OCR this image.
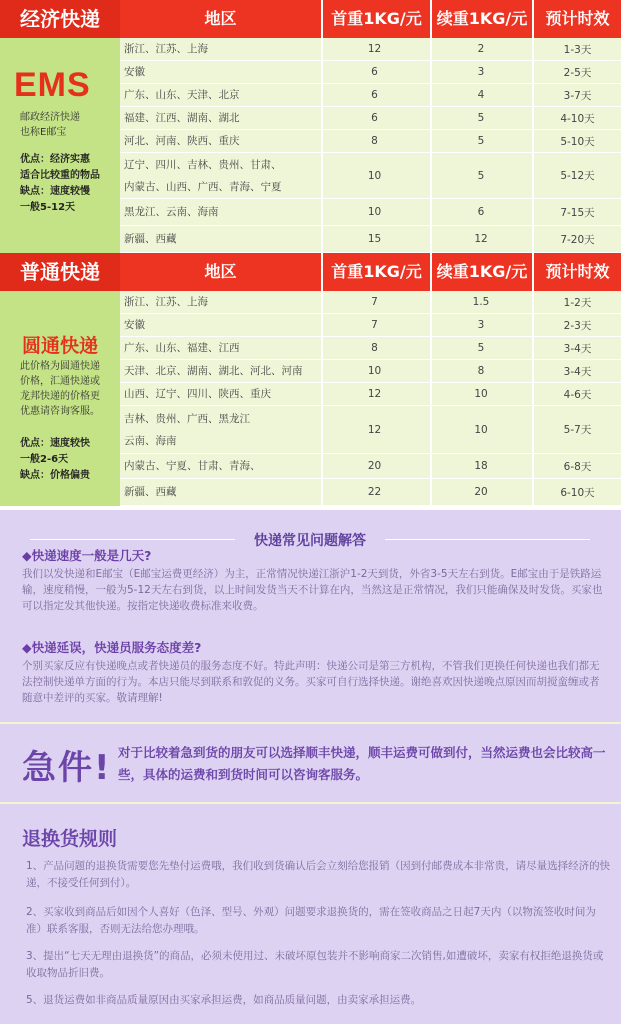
经济快递	地区	首重1KG/元 续重1KG/元	预计时效
EMS
邮政经济快递
也称E邮宝
优点：经济实惠
适合比较重的物品
缺点：速度较慢
一般5-12天
浙江、江苏、上海	12	2	1-3天
安徽	6	3	2-5天
广东、山东、天津、北京	6	4	3-7天
福建、江西、湖南、湖北	6	5	4-10天
河北、河南、陕西、重庆	8	5	5-10天
辽宁、四川、吉林、贵州、甘肃、
内蒙古、山西、广西、青海、宁夏
10	5	5-12天
黑龙江、云南、海南	10	6	7-15天
新疆、西藏	15	12	7-20天
普通快递	地区	首重1KG/元 续重1KG/元	预计时效
圆通快递
此价格为圆通快递
价格，汇通快递或
龙邦快递的价格更
优惠请咨询客服。
优点：速度较快
一般2-6天
缺点：价格偏贵
浙江、江苏、上海	7	1.5	1-2天
安徽	7	3	2-3天
广东、山东、福建、江西	8	5	3-4天
天津、北京、湖南、湖北、河北、河南	10	8	3-4天
山西、辽宁、四川、陕西、重庆	12	10	4-6天
吉林、贵州、广西、黑龙江
云南、海南
12	10	5-7天
内蒙古、宁夏、甘肃、青海、	20	18	6-8天
新疆、西藏	22	20	6-10天
快递常见问题解答
◆快递速度一般是几天?
我们以发快递和E邮宝（E邮宝运费更经济）为主，正常情况快递江浙沪1-2天到货，外省3-5天左右到货。E邮宝由于是铁路运输，速度稍慢，一般为5-12天左右到货，以上时间发货当天不计算在内，当然这是正常情况，我们只能确保及时发货。买家也可以指定发其他快递。按指定快递收费标准来收费。
◆快递延误，快递员服务态度差?
个别买家反应有快递晚点或者快递员的服务态度不好。特此声明：快递公司是第三方机构，不管我们更换任何快递也我们都无法控制快递单方面的行为。本店只能尽到联系和敦促的义务。买家可自行选择快递。谢绝喜欢因快递晚点原因而胡搅蛮缠或者随意中差评的买家。敬请理解!
急件! 对于比较着急到货的朋友可以选择顺丰快递，顺丰运费可做到付，当然运费也会比较高一些，具体的运费和到货时间可以咨询客服务。
退换货规则
1、产品问题的退换货需要您先垫付运费哦，我们收到货确认后会立刻给您报销（因到付邮费成本非常贵，请尽量选择经济的快递，不接受任何到付）。
2、买家收到商品后如因个人喜好（色泽、型号、外观）问题要求退换货的，需在签收商品之日起7天内（以物流签收时间为准）联系客服，否则无法给您办理哦。
3、提出“七天无理由退换货”的商品，必须未使用过、未破坏原包装并不影响商家二次销售,如遭破坏，卖家有权拒绝退换货或收取物品折旧费。
5、退货运费如非商品质量原因由买家承担运费，如商品质量问题，由卖家承担运费。
